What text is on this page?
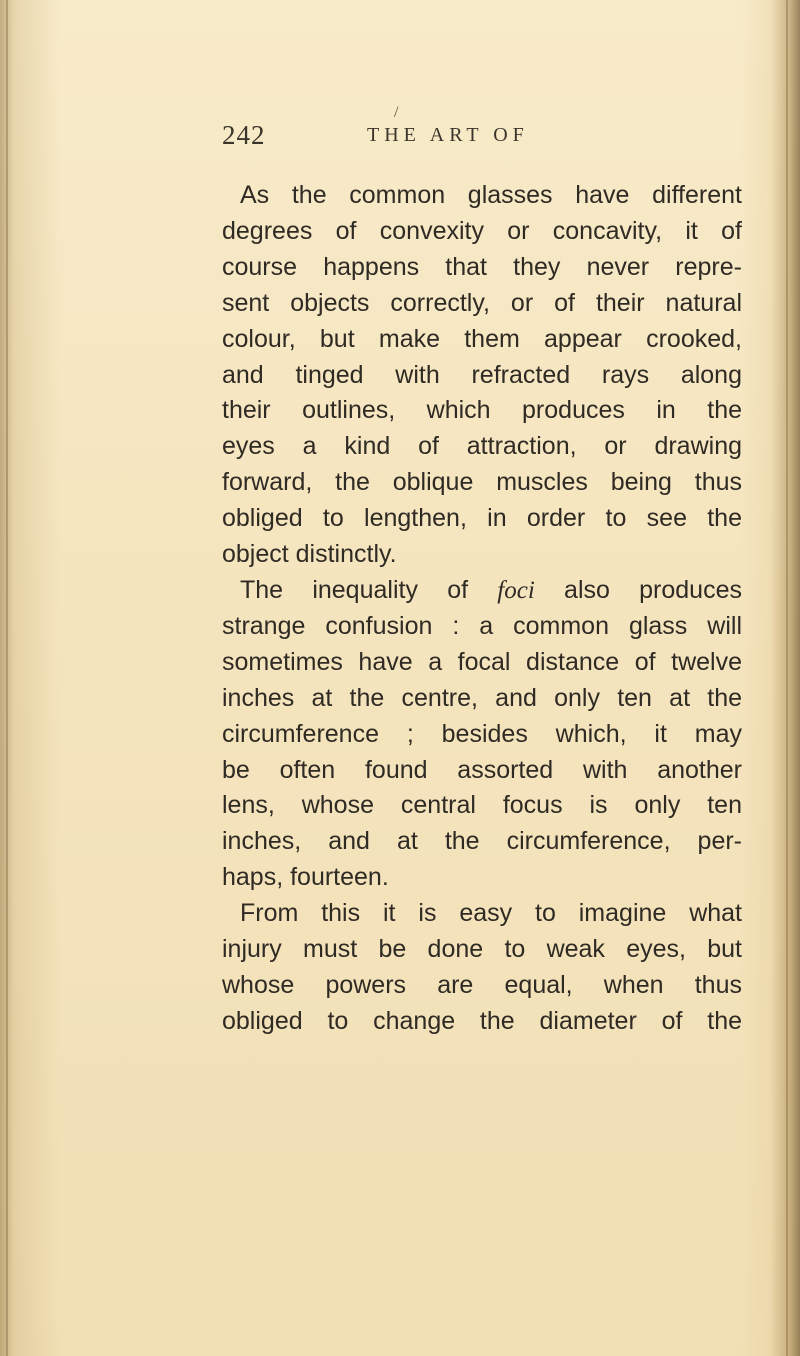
242
/
THE ART OF
As the common glasses have different
degrees of convexity or concavity, it of
course happens that they never repre-
sent objects correctly, or of their natural
colour, but make them appear crooked,
and tinged with refracted rays along
their outlines, which produces in the
eyes a kind of attraction, or drawing
forward, the oblique muscles being thus
obliged to lengthen, in order to see the
object distinctly.
The inequality of foci also produces
strange confusion : a common glass will
sometimes have a focal distance of twelve
inches at the centre, and only ten at the
circumference ; besides which, it may
be often found assorted with another
lens, whose central focus is only ten
inches, and at the circumference, per-
haps, fourteen.
From this it is easy to imagine what
injury must be done to weak eyes, but
whose powers are equal, when thus
obliged to change the diameter of the
